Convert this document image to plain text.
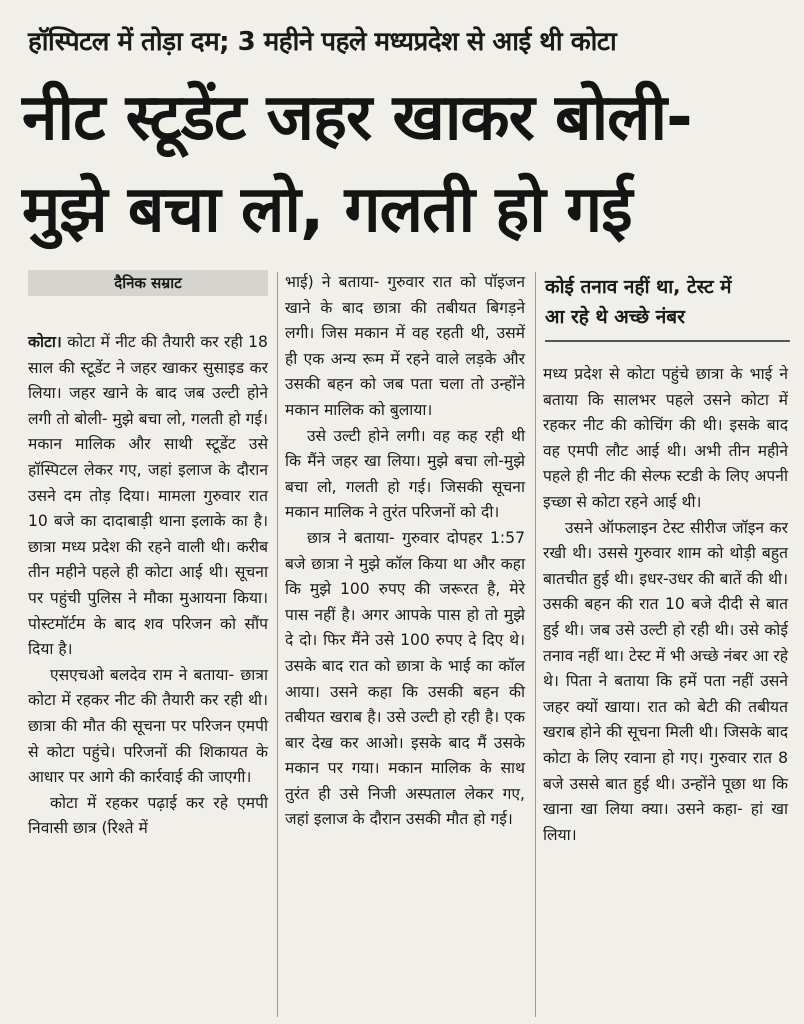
हॉस्पिटल में तोड़ा दम; 3 महीने पहले मध्यप्रदेश से आई थी कोटा
नीट स्टूडेंट जहर खाकर बोली-
मुझे बचा लो, गलती हो गई
दैनिक सम्राट

कोटा। कोटा में नीट की तैयारी कर रही 18 साल की स्टूडेंट ने जहर खाकर सुसाइड कर लिया। जहर खाने के बाद जब उल्टी होने लगी तो बोली- मुझे बचा लो, गलती हो गई। मकान मालिक और साथी स्टूडेंट उसे हॉस्पिटल लेकर गए, जहां इलाज के दौरान उसने दम तोड़ दिया। मामला गुरुवार रात 10 बजे का दादाबाड़ी थाना इलाके का है। छात्रा मध्य प्रदेश की रहने वाली थी। करीब तीन महीने पहले ही कोटा आई थी। सूचना पर पहुंची पुलिस ने मौका मुआयना किया। पोस्टमॉर्टम के बाद शव परिजन को सौंप दिया है।

एसएचओ बलदेव राम ने बताया- छात्रा कोटा में रहकर नीट की तैयारी कर रही थी। छात्रा की मौत की सूचना पर परिजन एमपी से कोटा पहुंचे। परिजनों की शिकायत के आधार पर आगे की कार्रवाई की जाएगी।

कोटा में रहकर पढ़ाई कर रहे एमपी निवासी छात्र (रिश्ते में

भाई) ने बताया- गुरुवार रात को पॉइजन खाने के बाद छात्रा की तबीयत बिगड़ने लगी। जिस मकान में वह रहती थी, उसमें ही एक अन्य रूम में रहने वाले लड़के और उसकी बहन को जब पता चला तो उन्होंने मकान मालिक को बुलाया।

उसे उल्टी होने लगी। वह कह रही थी कि मैंने जहर खा लिया। मुझे बचा लो-मुझे बचा लो, गलती हो गई। जिसकी सूचना मकान मालिक ने तुरंत परिजनों को दी।

छात्र ने बताया- गुरुवार दोपहर 1:57 बजे छात्रा ने मुझे कॉल किया था और कहा कि मुझे 100 रुपए की जरूरत है, मेरे पास नहीं है। अगर आपके पास हो तो मुझे दे दो। फिर मैंने उसे 100 रुपए दे दिए थे। उसके बाद रात को छात्रा के भाई का कॉल आया। उसने कहा कि उसकी बहन की तबीयत खराब है। उसे उल्टी हो रही है। एक बार देख कर आओ। इसके बाद मैं उसके मकान पर गया। मकान मालिक के साथ तुरंत ही उसे निजी अस्पताल लेकर गए, जहां इलाज के दौरान उसकी मौत हो गई।

कोई तनाव नहीं था, टेस्ट में
आ रहे थे अच्छे नंबर

मध्य प्रदेश से कोटा पहुंचे छात्रा के भाई ने बताया कि सालभर पहले उसने कोटा में रहकर नीट की कोचिंग की थी। इसके बाद वह एमपी लौट आई थी। अभी तीन महीने पहले ही नीट की सेल्फ स्टडी के लिए अपनी इच्छा से कोटा रहने आई थी।

उसने ऑफलाइन टेस्ट सीरीज जॉइन कर रखी थी। उससे गुरुवार शाम को थोड़ी बहुत बातचीत हुई थी। इधर-उधर की बातें की थी। उसकी बहन की रात 10 बजे दीदी से बात हुई थी। जब उसे उल्टी हो रही थी। उसे कोई तनाव नहीं था। टेस्ट में भी अच्छे नंबर आ रहे थे। पिता ने बताया कि हमें पता नहीं उसने जहर क्यों खाया। रात को बेटी की तबीयत खराब होने की सूचना मिली थी। जिसके बाद कोटा के लिए रवाना हो गए। गुरुवार रात 8 बजे उससे बात हुई थी। उन्होंने पूछा था कि खाना खा लिया क्या। उसने कहा- हां खा लिया।
